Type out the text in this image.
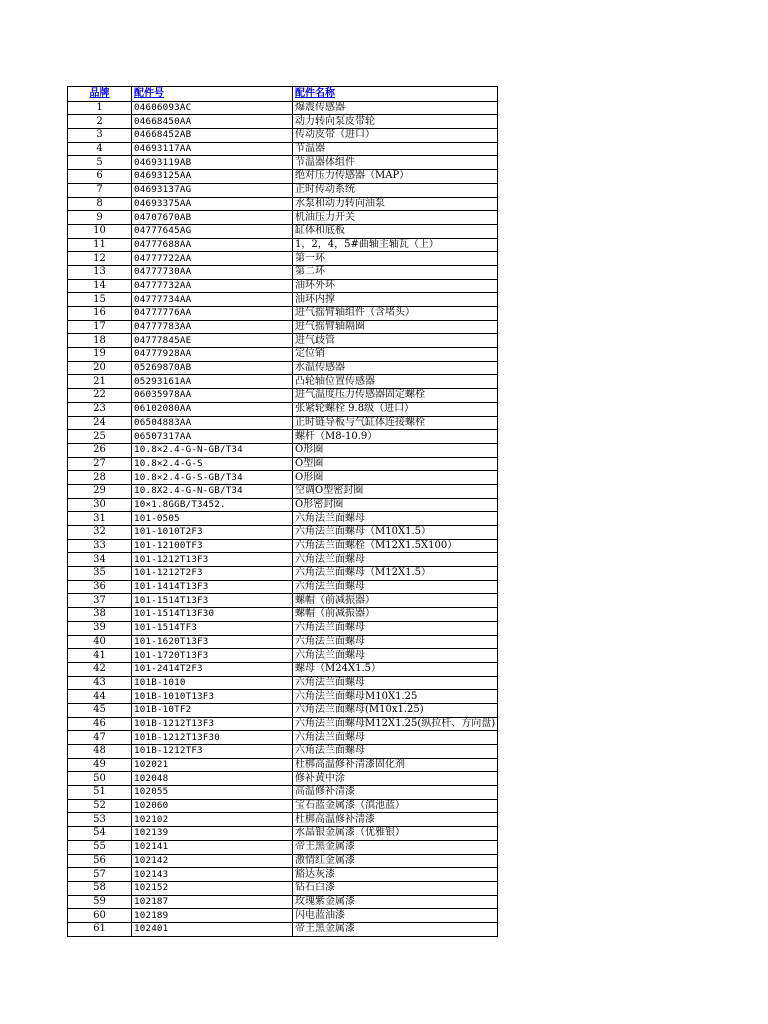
品牌	配件号	配件名称
1	04606093AC	爆震传感器
2	04668450AA	动力转向泵皮带轮
3	04668452AB	传动皮带（进口）
4	04693117AA	节温器
5	04693119AB	节温器体组件
6	04693125AA	绝对压力传感器（MAP）
7	04693137AG	正时传动系统
8	04693375AA	水泵和动力转向油泵
9	04707670AB	机油压力开关
10	04777645AG	缸体和底板
11	04777688AA	1，2，4，5#曲轴主轴瓦（上）
12	04777722AA	第一环
13	04777730AA	第二环
14	04777732AA	油环外环
15	04777734AA	油环内撑
16	04777776AA	进气摇臂轴组件（含堵头）
17	04777783AA	进气摇臂轴隔圈
18	04777845AE	进气歧管
19	04777928AA	定位销
20	05269870AB	水温传感器
21	05293161AA	凸轮轴位置传感器
22	06035978AA	进气温度压力传感器固定螺栓
23	06102080AA	张紧轮螺栓 9.8级（进口）
24	06504883AA	正时链导板与气缸体连接螺栓
25	06507317AA	螺杆（M8-10.9）
26	10.8×2.4-G-N-GB/T34	O形圈
27	10.8×2.4-G-S	O型圈
28	10.8×2.4-G-S-GB/T34	O形圈
29	10.8X2.4-G-N-GB/T34	空调O型密封圈
30	10×1.8GGB/T3452.	O形密封圈
31	101-0505	六角法兰面螺母
32	101-1010T2F3	六角法兰面螺母（M10X1.5）
33	101-12100TF3	六角法兰面螺栓（M12X1.5X100）
34	101-1212T13F3	六角法兰面螺母
35	101-1212T2F3	六角法兰面螺母（M12X1.5）
36	101-1414T13F3	六角法兰面螺母
37	101-1514T13F3	螺帽（前减振器）
38	101-1514T13F30	螺帽（前减振器）
39	101-1514TF3	六角法兰面螺母
40	101-1620T13F3	六角法兰面螺母
41	101-1720T13F3	六角法兰面螺母
42	101-2414T2F3	螺母（M24X1.5）
43	101B-1010	六角法兰面螺母
44	101B-1010T13F3	六角法兰面螺母M10X1.25
45	101B-10TF2	六角法兰面螺母(M10x1.25)
46	101B-1212T13F3	六角法兰面螺母M12X1.25(纵拉杆、方向盘)
47	101B-1212T13F30	六角法兰面螺母
48	101B-1212TF3	六角法兰面螺母
49	102021	杜梆高温修补清漆固化剂
50	102048	修补黄中涂
51	102055	高温修补清漆
52	102060	宝石蓝金属漆（滇池蓝）
53	102102	杜梆高温修补清漆
54	102139	水晶银金属漆（优雅银）
55	102141	帝王黑金属漆
56	102142	激情红金属漆
57	102143	豁达灰漆
58	102152	钻石白漆
59	102187	玫瑰紫金属漆
60	102189	闪电蓝油漆
61	102401	帝王黑金属漆
